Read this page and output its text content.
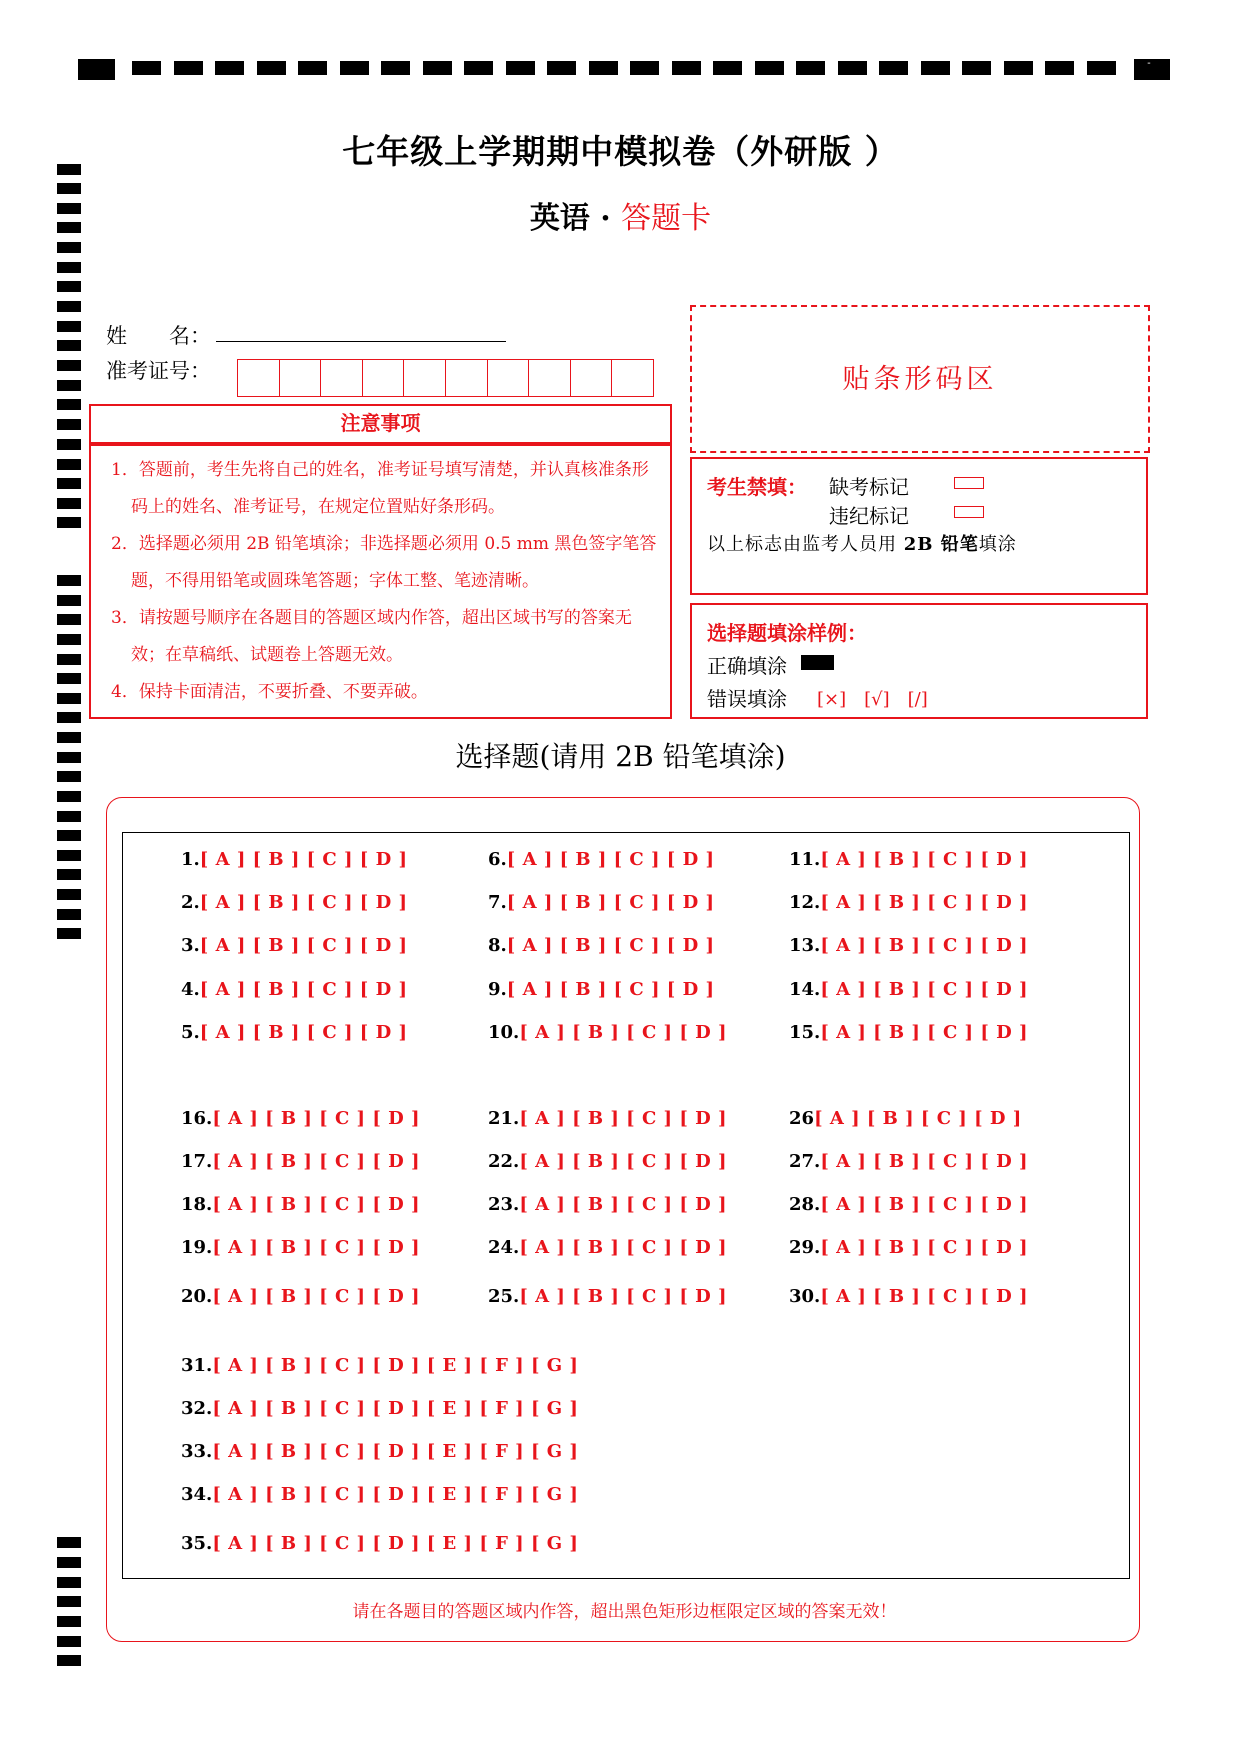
-
七年级上学期期中模拟卷（外研版 ）
英语 · 答题卡
姓　　名：
准考证号：
注意事项

1．答题前，考生先将自己的姓名，准考证号填写清楚，并认真核准条形码上的姓名、准考证号，在规定位置贴好条形码。

2．选择题必须用 2B 铅笔填涂；非选择题必须用 0.5 mm 黑色签字笔答题，不得用铅笔或圆珠笔答题；字体工整、笔迹清晰。

3．请按题号顺序在各题目的答题区域内作答，超出区域书写的答案无效；在草稿纸、试题卷上答题无效。

4．保持卡面清洁，不要折叠、不要弄破。

贴条形码区
考生禁填： 缺考标记
违纪标记
以上标志由监考人员用 2B 铅笔填涂
选择题填涂样例：
正确填涂
错误填涂 [×]　[√]　[/]
选择题(请用 2B 铅笔填涂)
1.[ A ] [ B ] [ C ] [ D ]
2.[ A ] [ B ] [ C ] [ D ]
3.[ A ] [ B ] [ C ] [ D ]
4.[ A ] [ B ] [ C ] [ D ]
5.[ A ] [ B ] [ C ] [ D ]
6.[ A ] [ B ] [ C ] [ D ]
7.[ A ] [ B ] [ C ] [ D ]
8.[ A ] [ B ] [ C ] [ D ]
9.[ A ] [ B ] [ C ] [ D ]
10.[ A ] [ B ] [ C ] [ D ]
11.[ A ] [ B ] [ C ] [ D ]
12.[ A ] [ B ] [ C ] [ D ]
13.[ A ] [ B ] [ C ] [ D ]
14.[ A ] [ B ] [ C ] [ D ]
15.[ A ] [ B ] [ C ] [ D ]
16.[ A ] [ B ] [ C ] [ D ]
17.[ A ] [ B ] [ C ] [ D ]
18.[ A ] [ B ] [ C ] [ D ]
19.[ A ] [ B ] [ C ] [ D ]
20.[ A ] [ B ] [ C ] [ D ]
21.[ A ] [ B ] [ C ] [ D ]
22.[ A ] [ B ] [ C ] [ D ]
23.[ A ] [ B ] [ C ] [ D ]
24.[ A ] [ B ] [ C ] [ D ]
25.[ A ] [ B ] [ C ] [ D ]
26[ A ] [ B ] [ C ] [ D ]
27.[ A ] [ B ] [ C ] [ D ]
28.[ A ] [ B ] [ C ] [ D ]
29.[ A ] [ B ] [ C ] [ D ]
30.[ A ] [ B ] [ C ] [ D ]
31.[ A ] [ B ] [ C ] [ D ] [ E ] [ F ] [ G ]
32.[ A ] [ B ] [ C ] [ D ] [ E ] [ F ] [ G ]
33.[ A ] [ B ] [ C ] [ D ] [ E ] [ F ] [ G ]
34.[ A ] [ B ] [ C ] [ D ] [ E ] [ F ] [ G ]
35.[ A ] [ B ] [ C ] [ D ] [ E ] [ F ] [ G ]
请在各题目的答题区域内作答，超出黑色矩形边框限定区域的答案无效！
